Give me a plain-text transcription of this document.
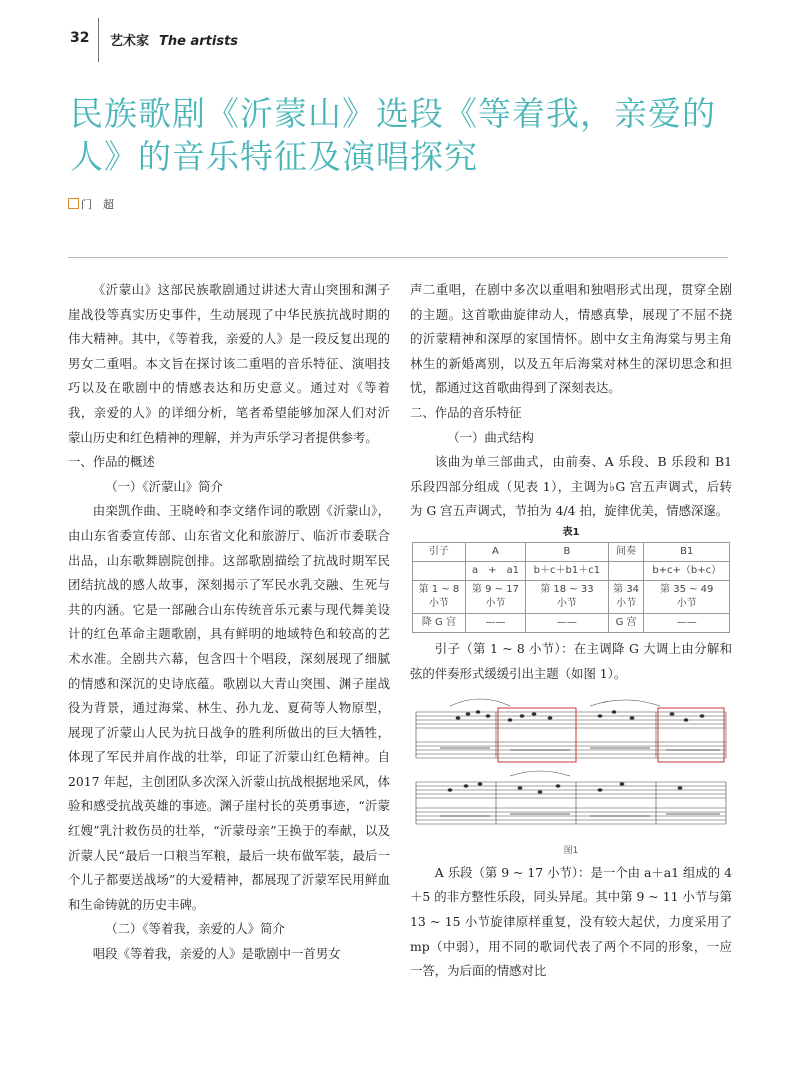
32 艺术家 The artists
民族歌剧《沂蒙山》选段《等着我，亲爱的人》的音乐特征及演唱探究
门　超

《沂蒙山》这部民族歌剧通过讲述大青山突围和渊子崖战役等真实历史事件，生动展现了中华民族抗战时期的伟大精神。其中，《等着我，亲爱的人》是一段反复出现的男女二重唱。本文旨在探讨该二重唱的音乐特征、演唱技巧以及在歌剧中的情感表达和历史意义。通过对《等着我，亲爱的人》的详细分析，笔者希望能够加深人们对沂蒙山历史和红色精神的理解，并为声乐学习者提供参考。

一、作品的概述

（一）《沂蒙山》简介

由栾凯作曲、王晓岭和李文绪作词的歌剧《沂蒙山》，由山东省委宣传部、山东省文化和旅游厅、临沂市委联合出品，山东歌舞剧院创排。这部歌剧描绘了抗战时期军民团结抗战的感人故事，深刻揭示了军民水乳交融、生死与共的内涵。它是一部融合山东传统音乐元素与现代舞美设计的红色革命主题歌剧，具有鲜明的地域特色和较高的艺术水准。全剧共六幕，包含四十个唱段，深刻展现了细腻的情感和深沉的史诗底蕴。歌剧以大青山突围、渊子崖战役为背景，通过海棠、林生、孙九龙、夏荷等人物原型，展现了沂蒙山人民为抗日战争的胜利所做出的巨大牺牲，体现了军民并肩作战的壮举，印证了沂蒙山红色精神。自 2017 年起，主创团队多次深入沂蒙山抗战根据地采风，体验和感受抗战英雄的事迹。渊子崖村长的英勇事迹，“沂蒙红嫂”乳汁救伤员的壮举，“沂蒙母亲”王换于的奉献，以及沂蒙人民“最后一口粮当军粮，最后一块布做军装，最后一个儿子都要送战场”的大爱精神，都展现了沂蒙军民用鲜血和生命铸就的历史丰碑。

（二）《等着我，亲爱的人》简介

唱段《等着我，亲爱的人》是歌剧中一首男女

声二重唱，在剧中多次以重唱和独唱形式出现，贯穿全剧的主题。这首歌曲旋律动人，情感真挚，展现了不屈不挠的沂蒙精神和深厚的家国情怀。剧中女主角海棠与男主角林生的新婚离别，以及五年后海棠对林生的深切思念和担忧，都通过这首歌曲得到了深刻表达。

二、作品的音乐特征

（一）曲式结构

该曲为单三部曲式，由前奏、A 乐段、B 乐段和 B1 乐段四部分组成（见表 1），主调为♭G 宫五声调式，后转为 G 宫五声调式，节拍为 4/4 拍，旋律优美，情感深邃。

表1
引子	A	B	间奏	B1
	a　+　a1	b＋c＋b1＋c1		b+c+（b+c）
第 1 ~ 8
小节	第 9 ~ 17
小节	第 18 ~ 33
小节	第 34
小节	第 35 ~ 49
小节
降 G 宫	——	——	G 宫	——

引子（第 1 ~ 8 小节）：在主调降 G 大调上由分解和弦的伴奏形式缓缓引出主题（如图 1）。

图1

A 乐段（第 9 ~ 17 小节）：是一个由 a＋a1 组成的 4＋5 的非方整性乐段，同头异尾。其中第 9 ~ 11 小节与第 13 ~ 15 小节旋律原样重复，没有较大起伏，力度采用了 mp（中弱），用不同的歌词代表了两个不同的形象，一应一答，为后面的情感对比
